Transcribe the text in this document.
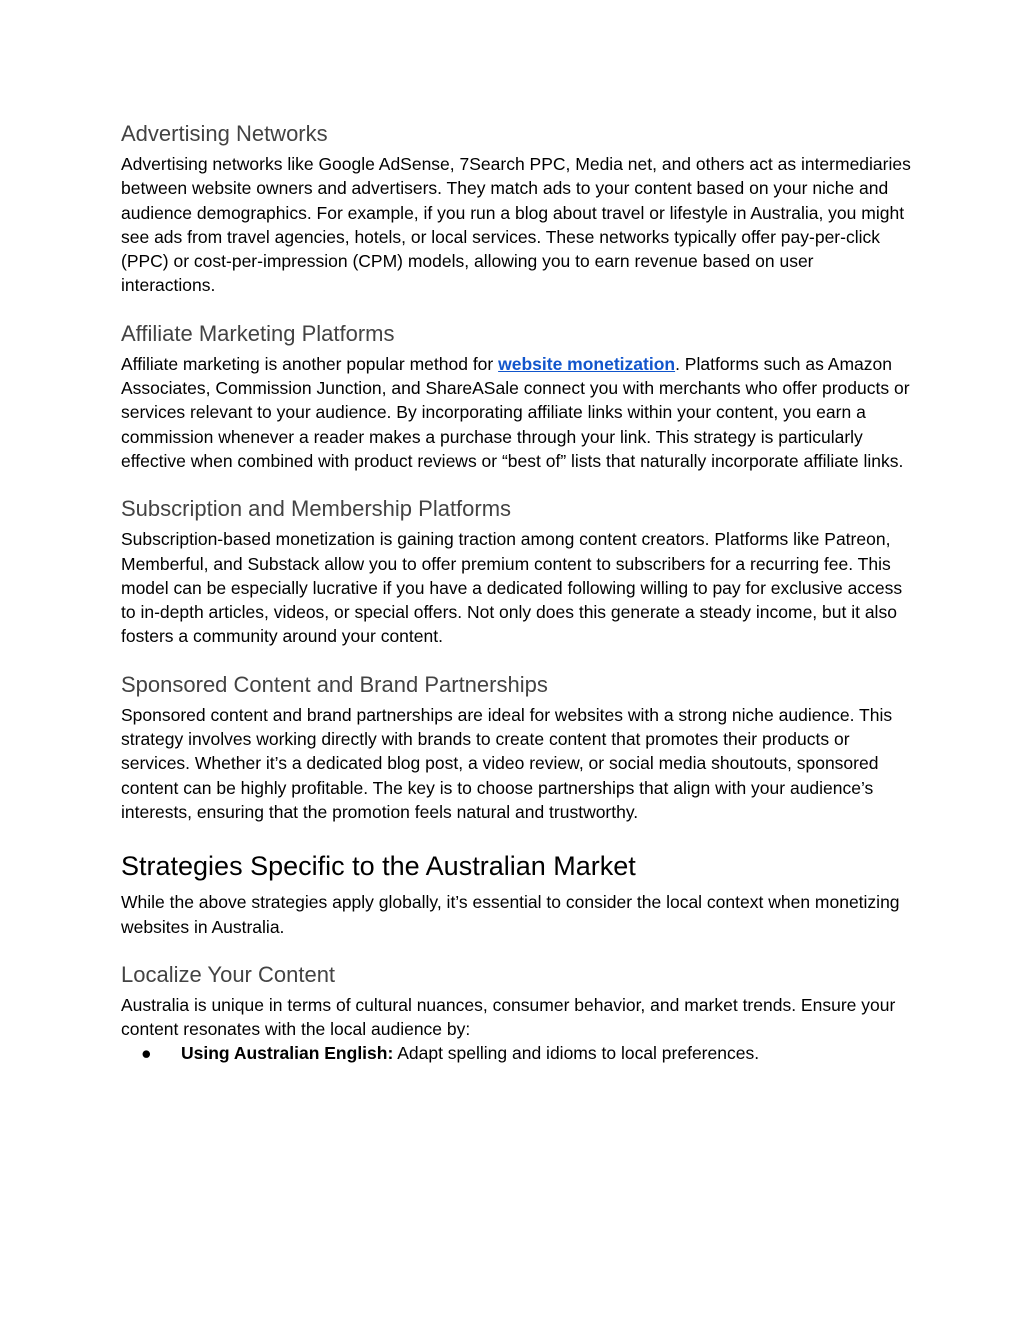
Advertising Networks

Advertising networks like Google AdSense, 7Search PPC, Media net, and others act as intermediaries between website owners and advertisers. They match ads to your content based on your niche and audience demographics. For example, if you run a blog about travel or lifestyle in Australia, you might see ads from travel agencies, hotels, or local services. These networks typically offer pay-per-click (PPC) or cost-per-impression (CPM) models, allowing you to earn revenue based on user interactions.

Affiliate Marketing Platforms

Affiliate marketing is another popular method for website monetization. Platforms such as Amazon Associates, Commission Junction, and ShareASale connect you with merchants who offer products or services relevant to your audience. By incorporating affiliate links within your content, you earn a commission whenever a reader makes a purchase through your link. This strategy is particularly effective when combined with product reviews or “best of” lists that naturally incorporate affiliate links.

Subscription and Membership Platforms

Subscription-based monetization is gaining traction among content creators. Platforms like Patreon, Memberful, and Substack allow you to offer premium content to subscribers for a recurring fee. This model can be especially lucrative if you have a dedicated following willing to pay for exclusive access to in-depth articles, videos, or special offers. Not only does this generate a steady income, but it also fosters a community around your content.

Sponsored Content and Brand Partnerships

Sponsored content and brand partnerships are ideal for websites with a strong niche audience. This strategy involves working directly with brands to create content that promotes their products or services. Whether it’s a dedicated blog post, a video review, or social media shoutouts, sponsored content can be highly profitable. The key is to choose partnerships that align with your audience’s interests, ensuring that the promotion feels natural and trustworthy.

Strategies Specific to the Australian Market

While the above strategies apply globally, it’s essential to consider the local context when monetizing websites in Australia.

Localize Your Content

Australia is unique in terms of cultural nuances, consumer behavior, and market trends. Ensure your content resonates with the local audience by:

● Using Australian English: Adapt spelling and idioms to local preferences.
